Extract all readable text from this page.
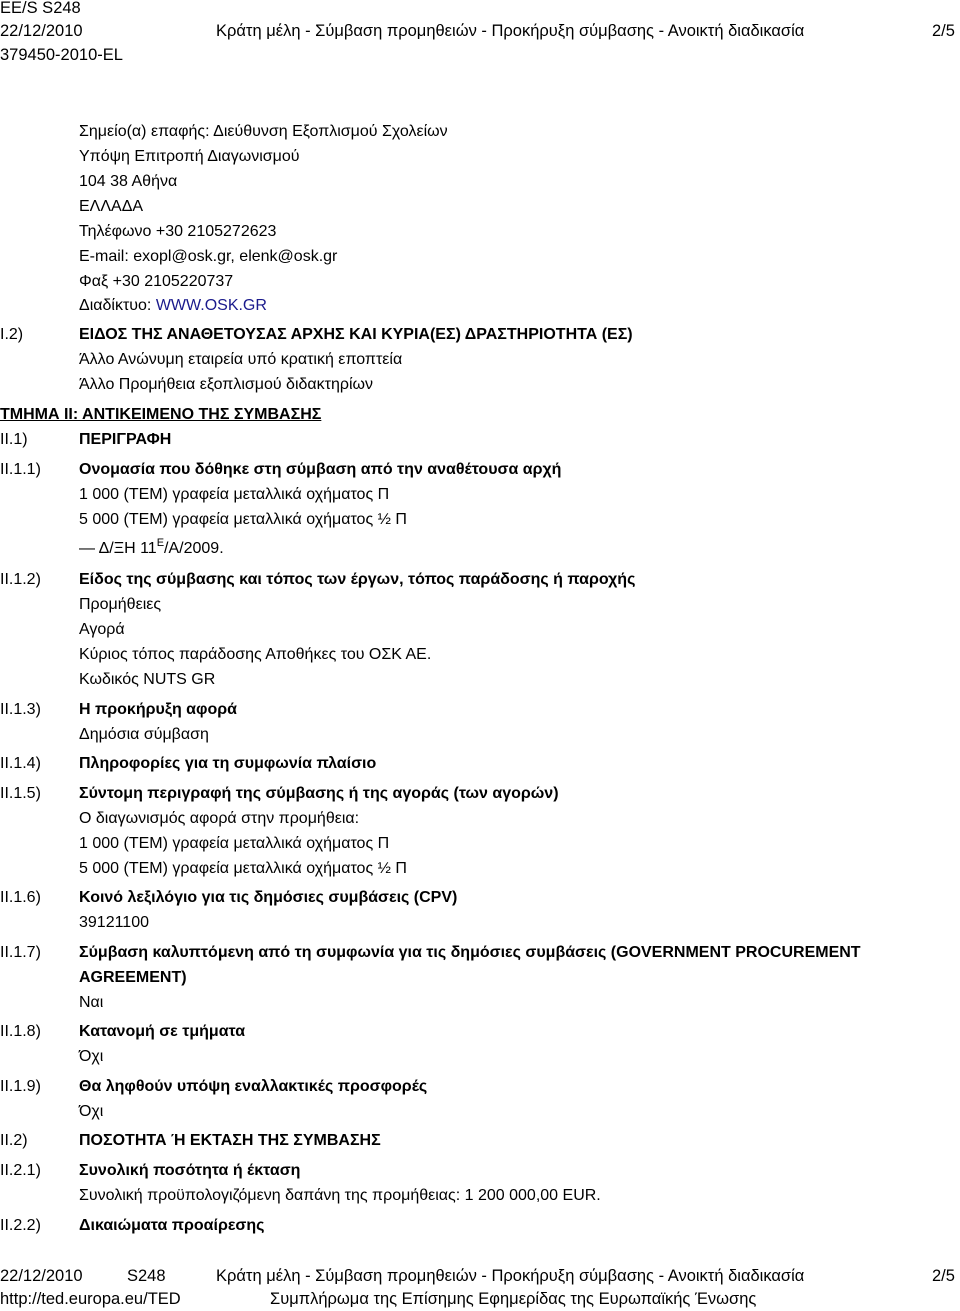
EE/S S248
22/12/2010	Κράτη μέλη - Σύμβαση προμηθειών - Προκήρυξη σύμβασης - Ανοικτή διαδικασία	2/5
379450-2010-EL
Σημείο(α) επαφής: Διεύθυνση Εξοπλισμού Σχολείων
Υπόψη Επιτροπή Διαγωνισμού
104 38 Αθήνα
ΕΛΛΑΔΑ
Τηλέφωνο +30 2105272623
E-mail: exopl@osk.gr, elenk@osk.gr
Φαξ +30 2105220737
Διαδίκτυο: WWW.OSK.GR
I.2)	ΕΙΔΟΣ ΤΗΣ ΑΝΑΘΕΤΟΥΣΑΣ ΑΡΧΗΣ ΚΑΙ ΚΥΡΙΑ(ΕΣ) ΔΡΑΣΤΗΡΙΟΤΗΤΑ (ΕΣ)
Άλλο Ανώνυμη εταιρεία υπό κρατική εποπτεία
Άλλο Προμήθεια εξοπλισμού διδακτηρίων
ΤΜΗΜΑ ΙΙ: ΑΝΤΙΚΕΙΜΕΝΟ ΤΗΣ ΣΥΜΒΑΣΗΣ
II.1)	ΠΕΡΙΓΡΑΦΗ
II.1.1) Ονομασία που δόθηκε στη σύμβαση από την αναθέτουσα αρχή
1 000 (ΤΕΜ) γραφεία μεταλλικά οχήματος Π
5 000 (ΤΕΜ) γραφεία μεταλλικά οχήματος ½ Π
— Δ/ΞΗ $11^E/A/2009$.
II.1.2) Είδος της σύμβασης και τόπος των έργων, τόπος παράδοσης ή παροχής
Προμήθειες
Αγορά
Κύριος τόπος παράδοσης Αποθήκες του ΟΣΚ ΑΕ.
Κωδικός NUTS GR
II.1.3) Η προκήρυξη αφορά
Δημόσια σύμβαση
II.1.4) Πληροφορίες για τη συμφωνία πλαίσιο
II.1.5) Σύντομη περιγραφή της σύμβασης ή της αγοράς (των αγορών)
Ο διαγωνισμός αφορά στην προμήθεια:
1 000 (ΤΕΜ) γραφεία μεταλλικά οχήματος Π
5 000 (ΤΕΜ) γραφεία μεταλλικά οχήματος ½ Π
II.1.6) Κοινό λεξιλόγιο για τις δημόσιες συμβάσεις (CPV)
39121100
II.1.7) Σύμβαση καλυπτόμενη από τη συμφωνία για τις δημόσιες συμβάσεις (GOVERNMENT PROCUREMENT
AGREEMENT)
Ναι
II.1.8) Κατανομή σε τμήματα
Όχι
II.1.9) Θα ληφθούν υπόψη εναλλακτικές προσφορές
Όχι
II.2)	ΠΟΣΟΤΗΤΑ Ή ΕΚΤΑΣΗ ΤΗΣ ΣΥΜΒΑΣΗΣ
II.2.1) Συνολική ποσότητα ή έκταση
Συνολική προϋπολογιζόμενη δαπάνη της προμήθειας: 1 200 000,00 EUR.
II.2.2) Δικαιώματα προαίρεσης
22/12/2010	S248	Κράτη μέλη - Σύμβαση προμηθειών - Προκήρυξη σύμβασης - Ανοικτή διαδικασία	2/5
http://ted.europa.eu/TED	Συμπλήρωμα της Επίσημης Εφημερίδας της Ευρωπαϊκής Ένωσης
